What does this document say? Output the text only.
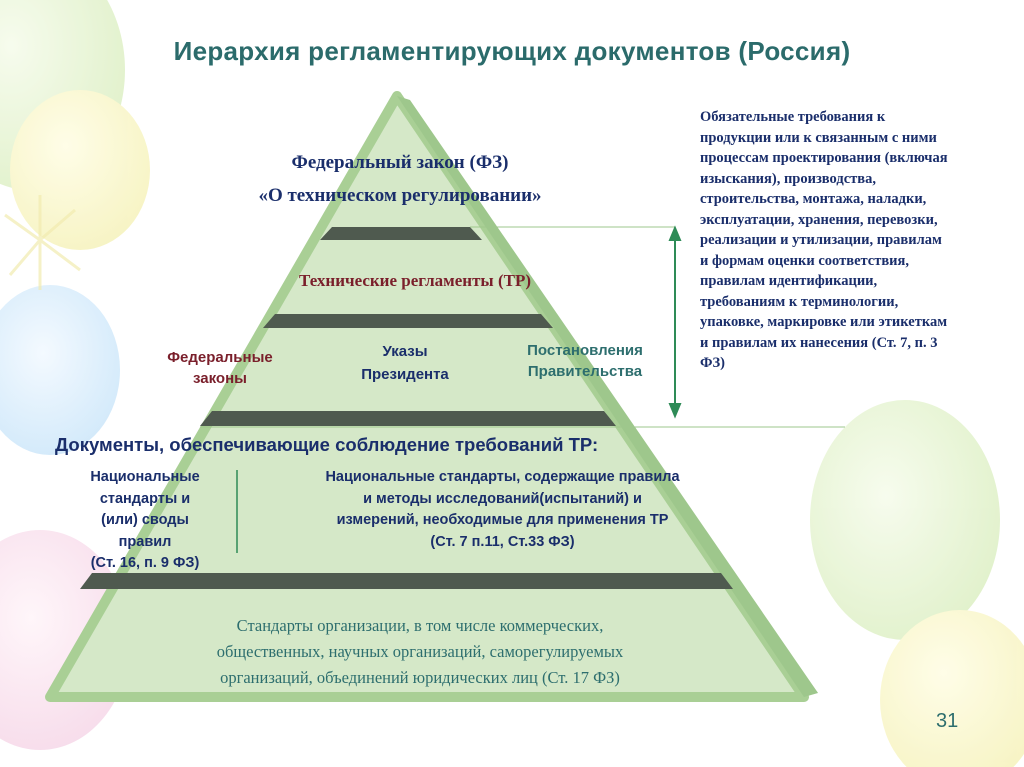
Иерархия регламентирующих документов (Россия)
Федеральный закон (ФЗ)
«О техническом регулировании»
Технические регламенты (ТР)
Федеральные
законы
Указы
Президента
Постановления
Правительства
Документы, обеспечивающие соблюдение требований ТР:
Национальные
стандарты и
(или) своды
правил
(Ст. 16, п. 9 ФЗ)
Национальные стандарты, содержащие правила
и методы исследований(испытаний) и
измерений, необходимые для применения ТР
(Ст. 7 п.11, Ст.33 ФЗ)
Стандарты организации, в том числе коммерческих,
общественных, научных организаций, саморегулируемых
организаций, объединений юридических лиц (Ст. 17 ФЗ)
Обязательные требования к
продукции или к связанным с ними
процессам проектирования (включая
изыскания), производства,
строительства, монтажа, наладки,
эксплуатации, хранения, перевозки,
реализации и утилизации, правилам
и формам оценки соответствия,
правилам идентификации,
требованиям к терминологии,
упаковке, маркировке или этикеткам
и правилам их нанесения (Ст. 7, п. 3
ФЗ)
31
